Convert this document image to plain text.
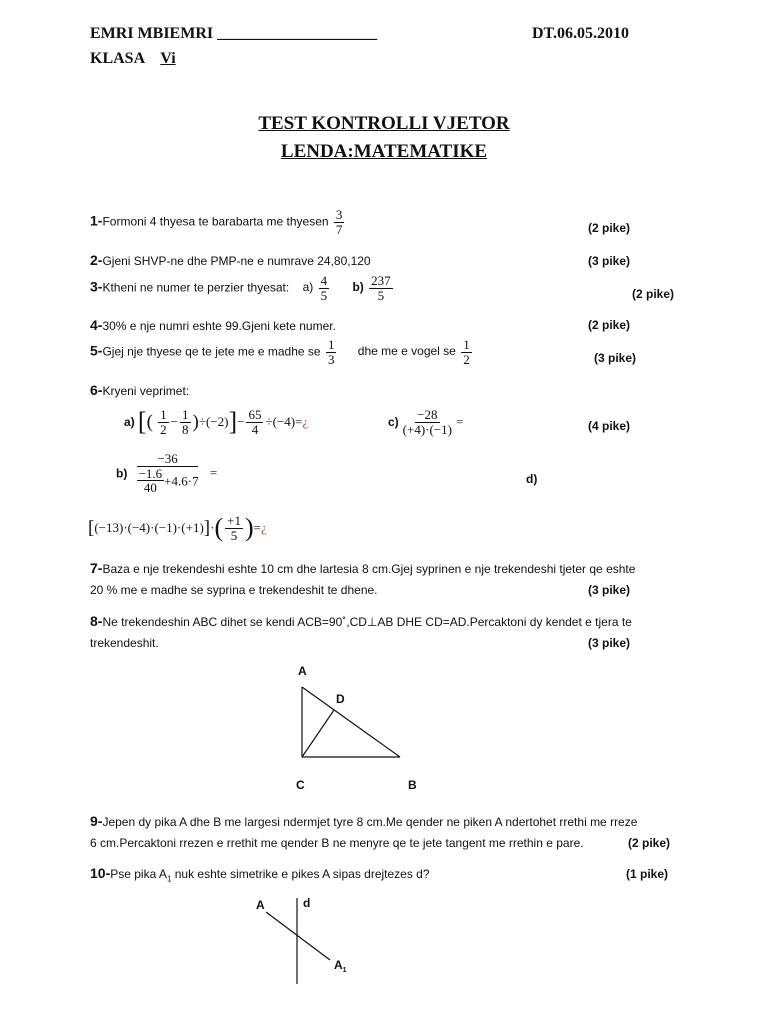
EMRI MBIEMRI ____________________	DT.06.05.2010
KLASA Vi
TEST KONTROLLI VJETOR
LENDA:MATEMATIKE
1-Formoni 4 thyesa te barabarta me thyesen $\frac{3}{7}$	(2 pike)
2-Gjeni SHVP-ne dhe PMP-ne e numrave 24,80,120	(3 pike)
3-Ktheni ne numer te perzier thyesat: $a) \frac{4}{5} b) \frac{237}{5}$	(2 pike)
4-30% e nje numri eshte 99.Gjeni kete numer.	(2 pike)
5-Gjej nje thyese qe te jete me e madhe se $\frac{1}{3}$ dhe me e vogel se $\frac{1}{2}$	(3 pike)
6-Kryeni veprimet:
a) [( $\frac{1}{2} - \frac{1}{8} )\div(-2)]- \frac{65}{4}$ ÷(−4)=¿	$c) \frac{-28}{(+4)\cdot(-1)}$ =	(4 pike)
$b) \frac{-36}{\frac{-1.6}{40} +4.6\cdot 7}$ =	d)
$[(-13)\cdot(-4)\cdot(-1)\cdot(+1)]\cdot( \frac{+1}{5}$ )=¿
7-Baza e nje trekendeshi eshte 10 cm dhe lartesia 8 cm.Gjej syprinen e nje trekendeshi tjeter qe eshte
20 % me e madhe se syprina e trekendeshit te dhene.	(3 pike)
8-Ne trekendeshin ABC dihet se kendi ACB=90˚,CD⊥AB DHE CD=AD.Percaktoni dy kendet e tjera te
trekendeshit.	(3 pike)
A
D
C	B
9-Jepen dy pika A dhe B me largesi ndermjet tyre 8 cm.Me qender ne piken A ndertohet rrethi me rreze
6 cm.Percaktoni rrezen e rrethit me qender B ne menyre qe te jete tangent me rrethin e pare.	(2 pike)
10-Pse pika $A_1$ nuk eshte simetrike e pikes A sipas drejtezes d?	(1 pike)
A	d
$A_1$
